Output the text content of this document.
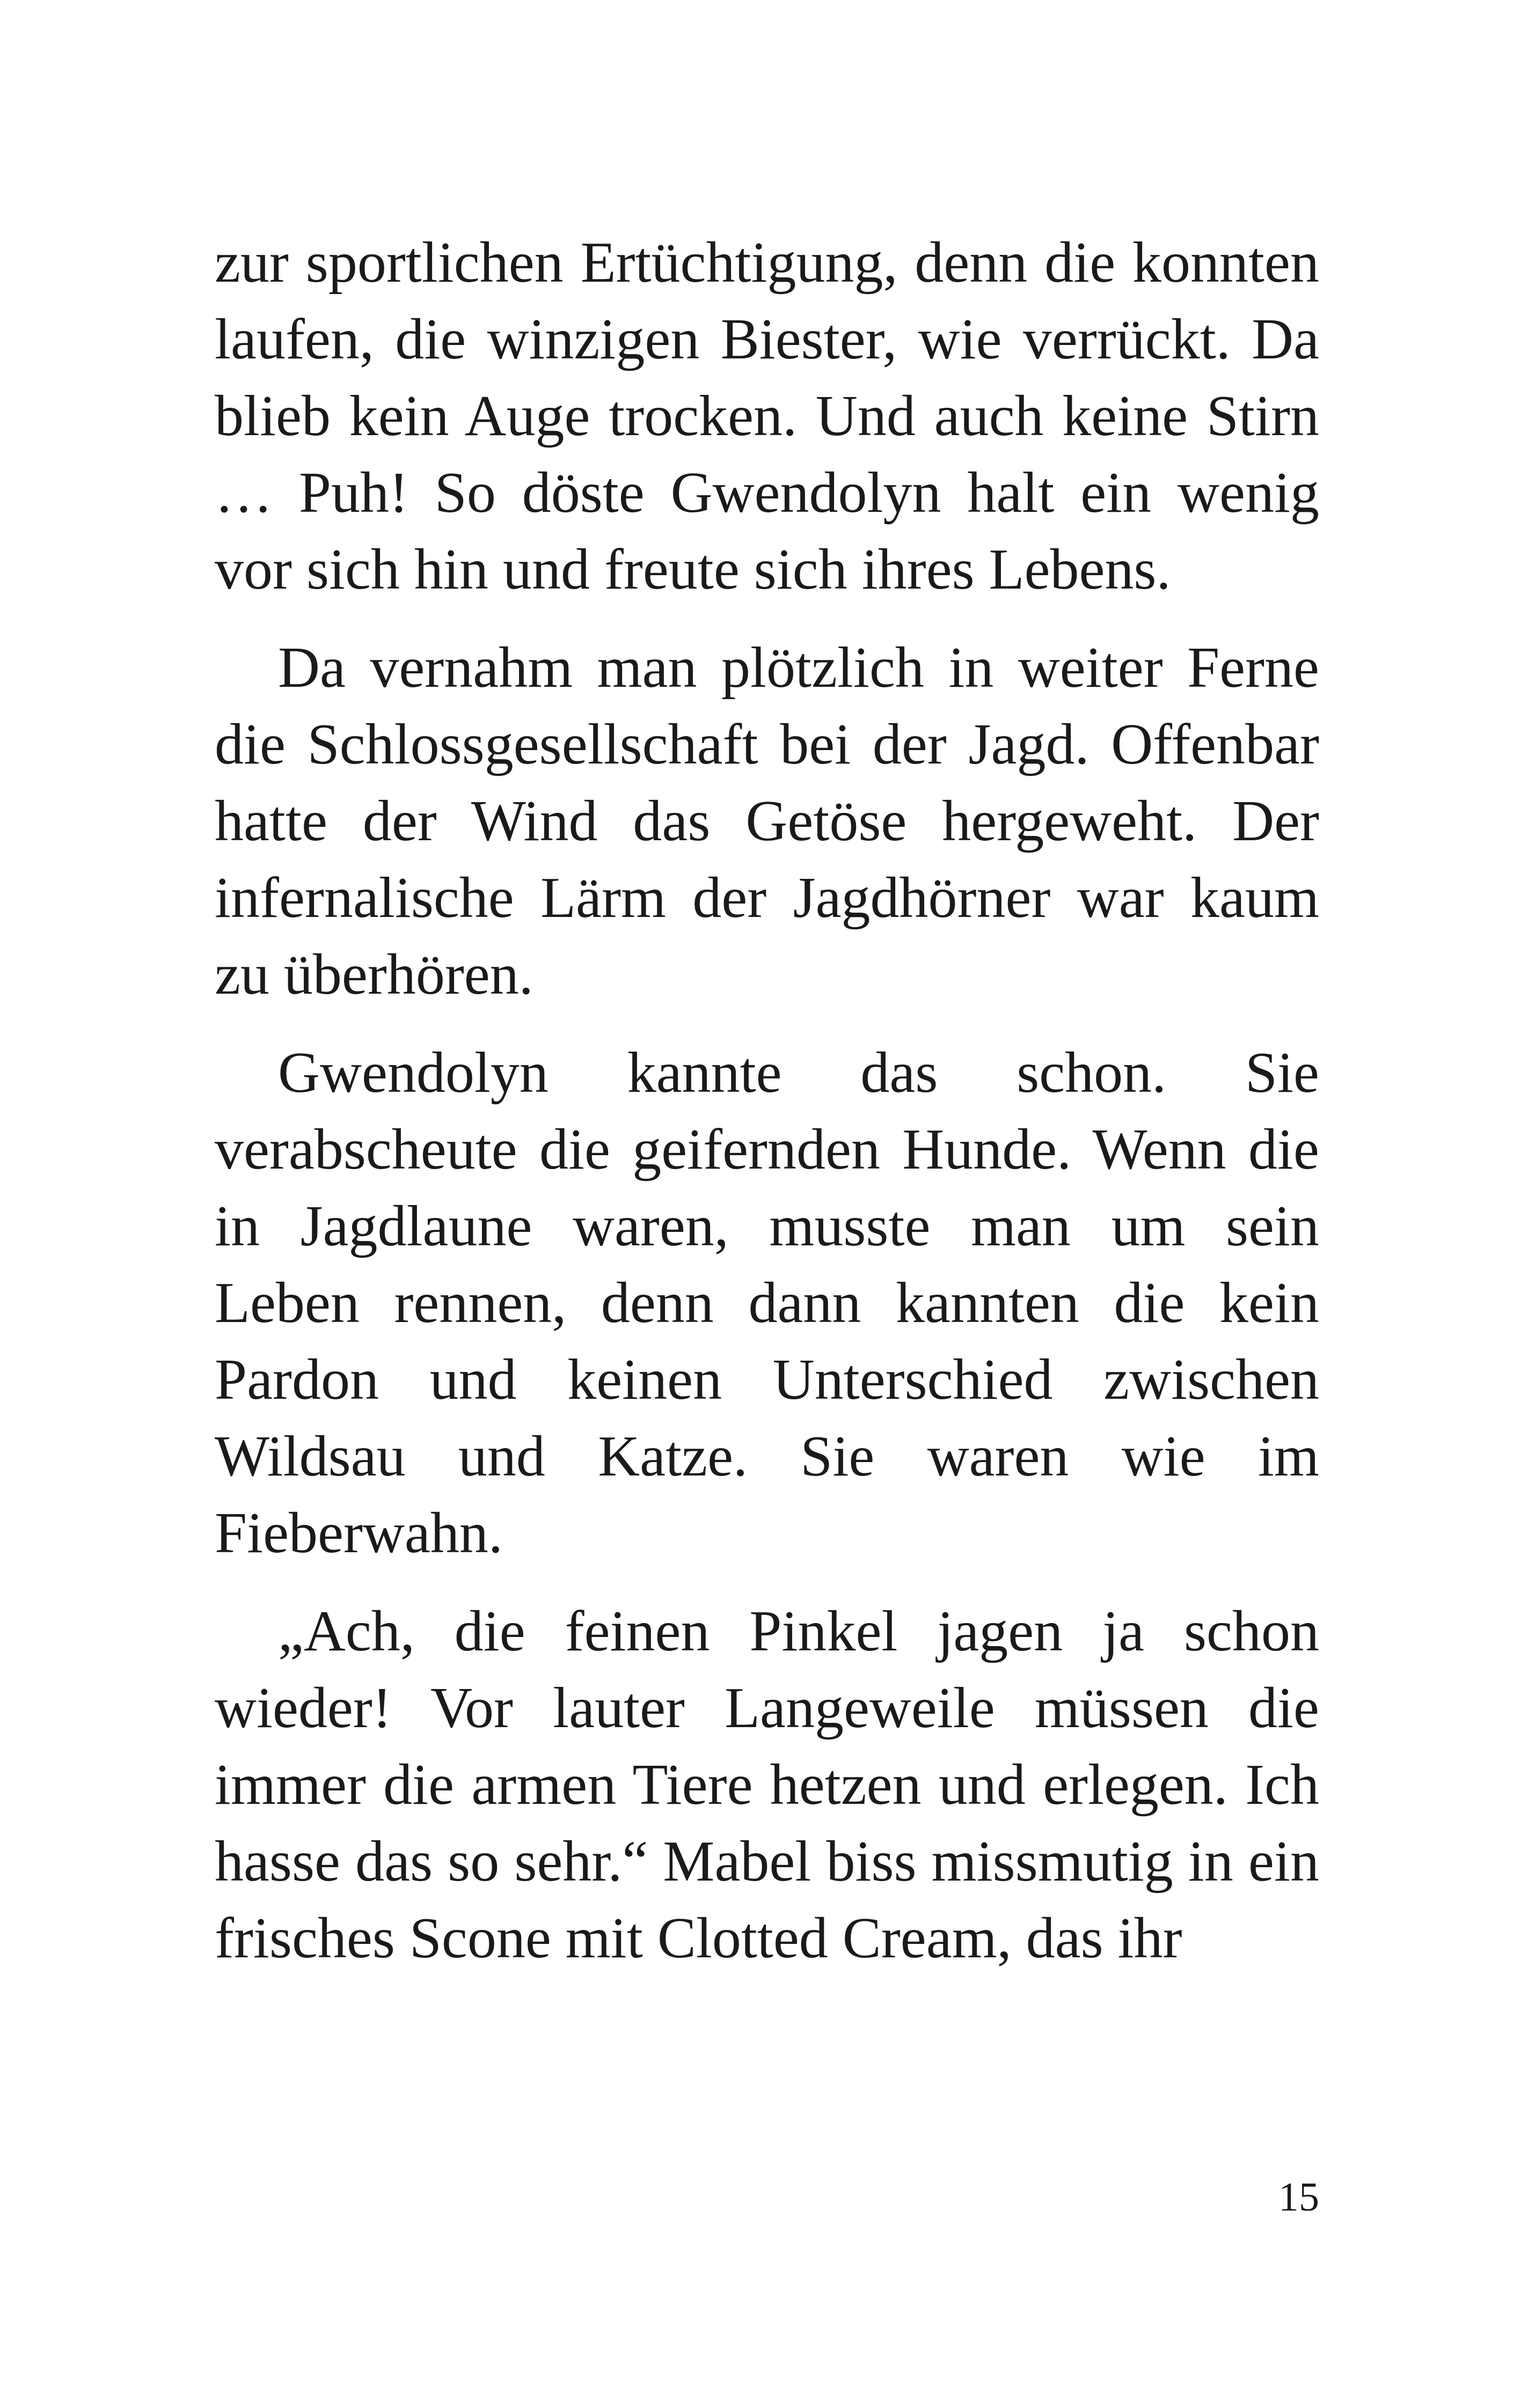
zur sportlichen Ertüchtigung, denn die konnten laufen, die winzigen Biester, wie verrückt. Da blieb kein Auge trocken. Und auch keine Stirn … Puh! So döste Gwendolyn halt ein wenig vor sich hin und freute sich ihres Lebens.

Da vernahm man plötzlich in weiter Ferne die Schlossgesellschaft bei der Jagd. Offenbar hatte der Wind das Getöse hergeweht. Der infernalische Lärm der Jagdhörner war kaum zu überhören.

Gwendolyn kannte das schon. Sie verabscheute die geifernden Hunde. Wenn die in Jagdlaune waren, musste man um sein Leben rennen, denn dann kannten die kein Pardon und keinen Unterschied zwischen Wildsau und Katze. Sie waren wie im Fieberwahn.

„Ach, die feinen Pinkel jagen ja schon wieder! Vor lauter Langeweile müssen die immer die armen Tiere hetzen und erlegen. Ich hasse das so sehr.“ Mabel biss missmutig in ein frisches Scone mit Clotted Cream, das ihr

15
